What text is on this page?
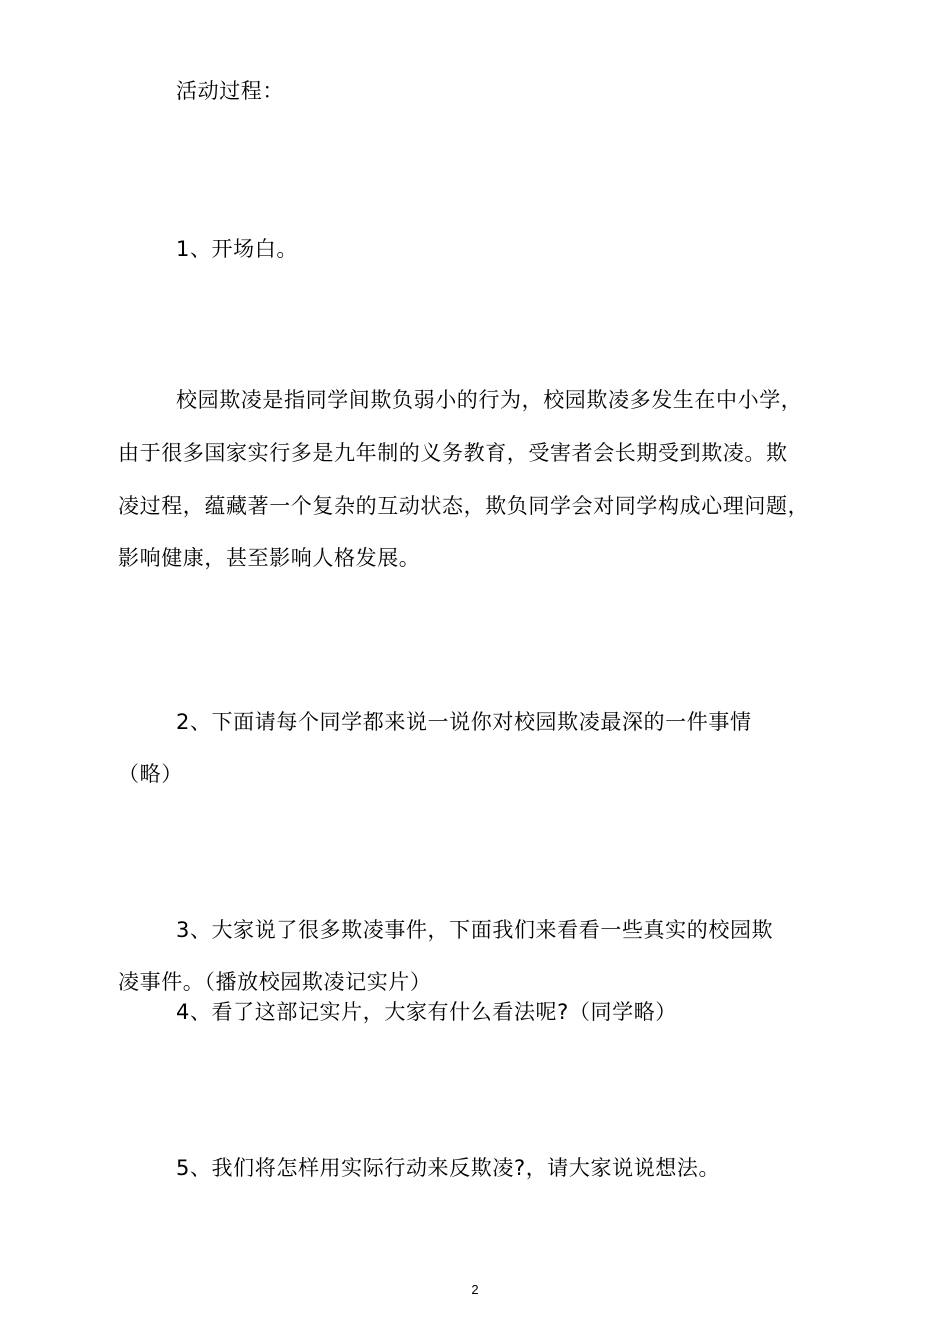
活动过程：
1、开场白。
校园欺凌是指同学间欺负弱小的行为，校园欺凌多发生在中小学，
由于很多国家实行多是九年制的义务教育，受害者会长期受到欺凌。欺
凌过程，蕴藏著一个复杂的互动状态，欺负同学会对同学构成心理问题，
影响健康，甚至影响人格发展。
2、下面请每个同学都来说一说你对校园欺凌最深的一件事情
（略）
3、大家说了很多欺凌事件，下面我们来看看一些真实的校园欺
凌事件。（播放校园欺凌记实片）
4、看了这部记实片，大家有什么看法呢?（同学略）
5、我们将怎样用实际行动来反欺凌?，请大家说说想法。
2
